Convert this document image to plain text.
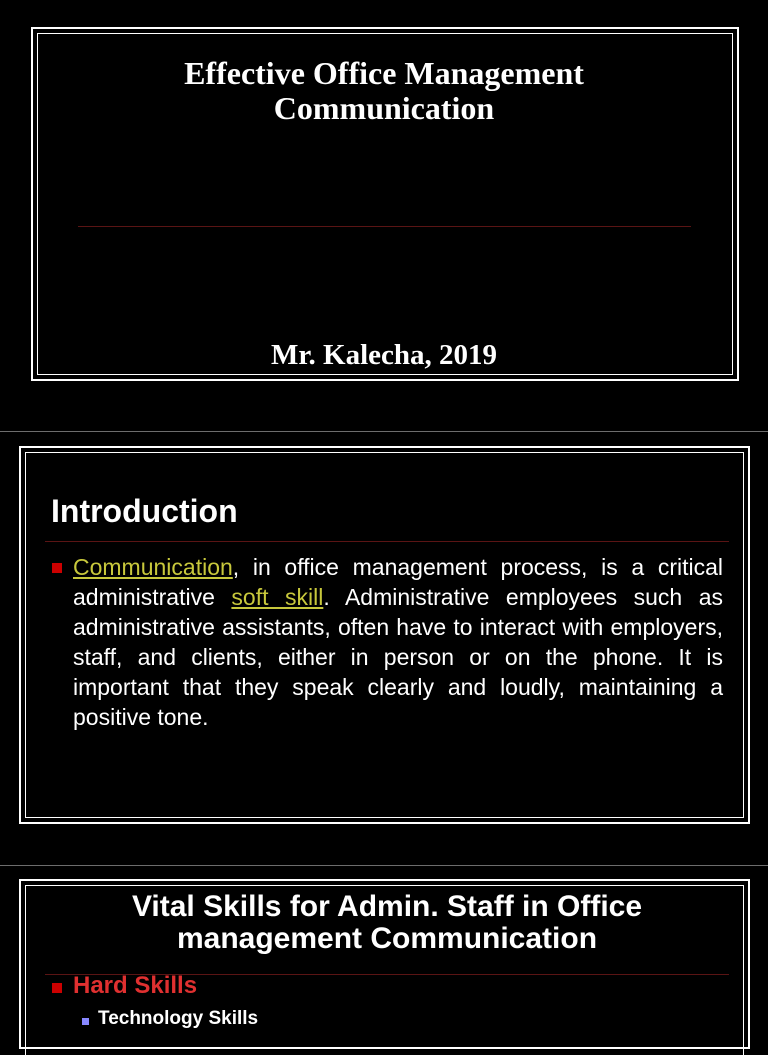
Effective Office Management
Communication
Mr. Kalecha, 2019
Introduction
Communication, in office management process, is a critical administrative soft skill. Administrative employees such as administrative assistants, often have to interact with employers, staff, and clients, either in person or on the phone. It is important that they speak clearly and loudly, maintaining a positive tone.
Vital Skills for Admin. Staff in Office
management Communication
Hard Skills
Technology Skills
